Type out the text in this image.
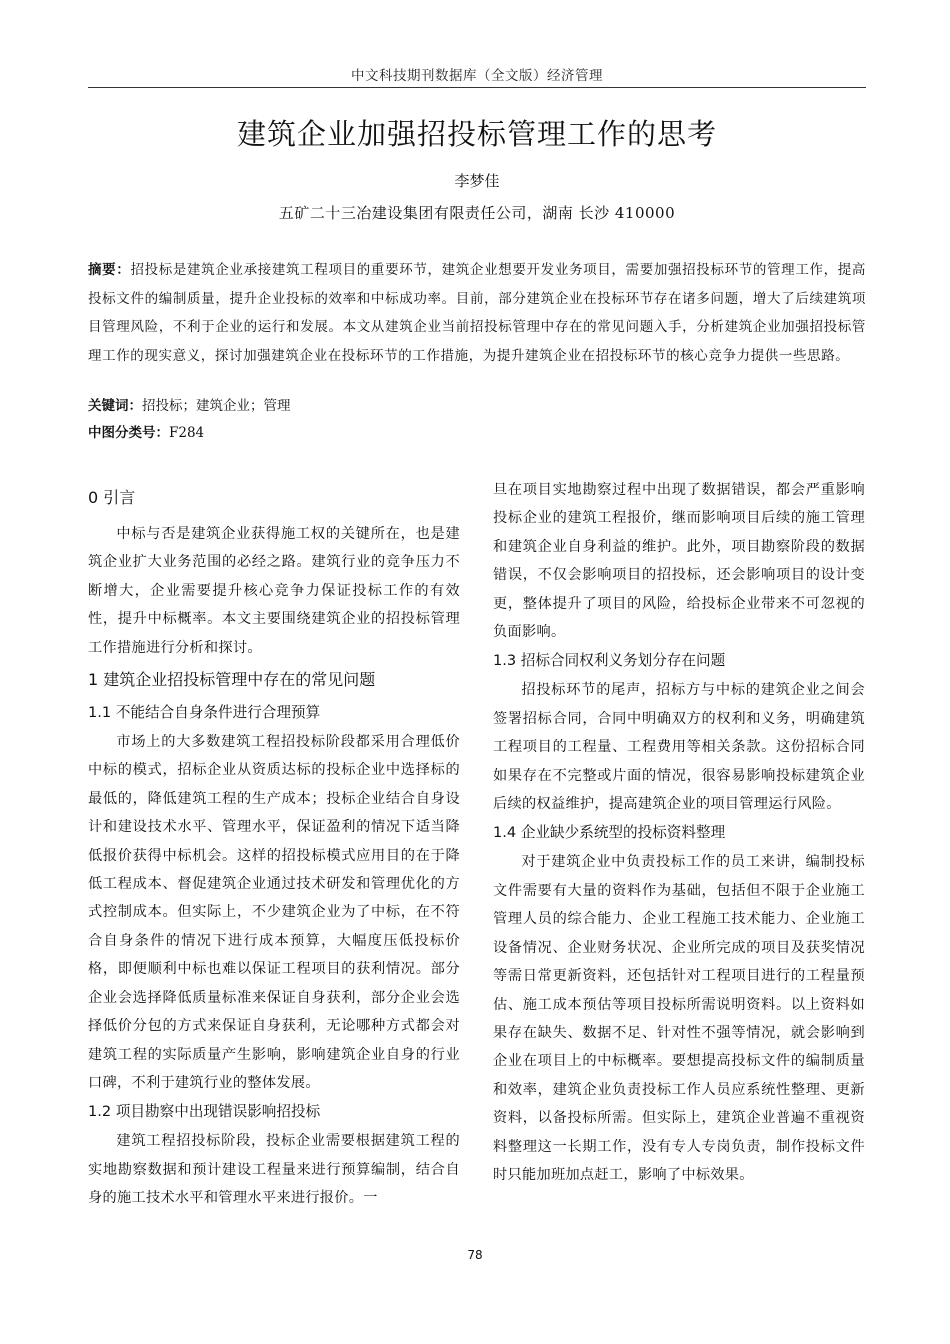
中文科技期刊数据库（全文版）经济管理
建筑企业加强招投标管理工作的思考
李梦佳
五矿二十三冶建设集团有限责任公司，湖南 长沙 410000

摘要：招投标是建筑企业承接建筑工程项目的重要环节，建筑企业想要开发业务项目，需要加强招投标环节的管理工作，提高投标文件的编制质量，提升企业投标的效率和中标成功率。目前，部分建筑企业在投标环节存在诸多问题，增大了后续建筑项目管理风险，不利于企业的运行和发展。本文从建筑企业当前招投标管理中存在的常见问题入手，分析建筑企业加强招投标管理工作的现实意义，探讨加强建筑企业在投标环节的工作措施，为提升建筑企业在招投标环节的核心竞争力提供一些思路。

关键词：招投标；建筑企业；管理

中图分类号：F284

0 引言

中标与否是建筑企业获得施工权的关键所在，也是建筑企业扩大业务范围的必经之路。建筑行业的竞争压力不断增大，企业需要提升核心竞争力保证投标工作的有效性，提升中标概率。本文主要围绕建筑企业的招投标管理工作措施进行分析和探讨。

1 建筑企业招投标管理中存在的常见问题
1.1 不能结合自身条件进行合理预算

市场上的大多数建筑工程招投标阶段都采用合理低价中标的模式，招标企业从资质达标的投标企业中选择标的最低的，降低建筑工程的生产成本；投标企业结合自身设计和建设技术水平、管理水平，保证盈利的情况下适当降低报价获得中标机会。这样的招投标模式应用目的在于降低工程成本、督促建筑企业通过技术研发和管理优化的方式控制成本。但实际上，不少建筑企业为了中标，在不符合自身条件的情况下进行成本预算，大幅度压低投标价格，即便顺利中标也难以保证工程项目的获利情况。部分企业会选择降低质量标准来保证自身获利，部分企业会选择低价分包的方式来保证自身获利，无论哪种方式都会对建筑工程的实际质量产生影响，影响建筑企业自身的行业口碑，不利于建筑行业的整体发展。

1.2 项目勘察中出现错误影响招投标

建筑工程招投标阶段，投标企业需要根据建筑工程的实地勘察数据和预计建设工程量来进行预算编制，结合自身的施工技术水平和管理水平来进行报价。一

旦在项目实地勘察过程中出现了数据错误，都会严重影响投标企业的建筑工程报价，继而影响项目后续的施工管理和建筑企业自身利益的维护。此外，项目勘察阶段的数据错误，不仅会影响项目的招投标，还会影响项目的设计变更，整体提升了项目的风险，给投标企业带来不可忽视的负面影响。

1.3 招标合同权利义务划分存在问题

招投标环节的尾声，招标方与中标的建筑企业之间会签署招标合同，合同中明确双方的权利和义务，明确建筑工程项目的工程量、工程费用等相关条款。这份招标合同如果存在不完整或片面的情况，很容易影响投标建筑企业后续的权益维护，提高建筑企业的项目管理运行风险。

1.4 企业缺少系统型的投标资料整理

对于建筑企业中负责投标工作的员工来讲，编制投标文件需要有大量的资料作为基础，包括但不限于企业施工管理人员的综合能力、企业工程施工技术能力、企业施工设备情况、企业财务状况、企业所完成的项目及获奖情况等需日常更新资料，还包括针对工程项目进行的工程量预估、施工成本预估等项目投标所需说明资料。以上资料如果存在缺失、数据不足、针对性不强等情况，就会影响到企业在项目上的中标概率。要想提高投标文件的编制质量和效率，建筑企业负责投标工作人员应系统性整理、更新资料，以备投标所需。但实际上，建筑企业普遍不重视资料整理这一长期工作，没有专人专岗负责，制作投标文件时只能加班加点赶工，影响了中标效果。

78
